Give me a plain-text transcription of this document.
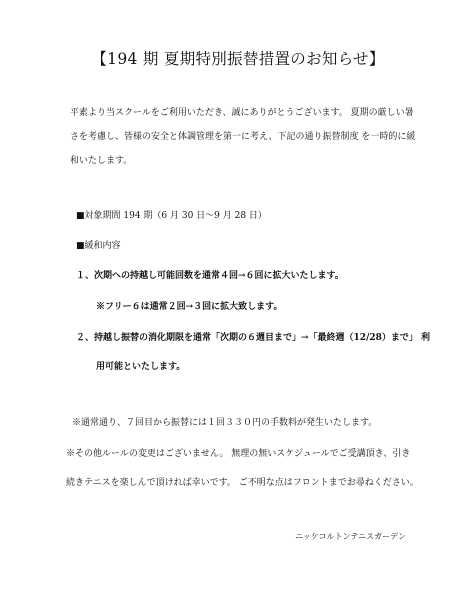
【194 期 夏期特別振替措置のお知らせ】

平素より当スクールをご利用いただき、誠にありがとうございます。 夏期の厳しい暑
さを考慮し、皆様の安全と体調管理を第一に考え、下記の通り振替制度 を一時的に緩
和いたします。

■対象期間 194 期（6 月 30 日～9 月 28 日）

■緩和内容

１、次期への持越し可能回数を通常４回→６回に拡大いたします。

※フリー６は通常２回→３回に拡大致します。

２、持越し振替の消化期限を通常「次期の６週目まで」→「最終週（12/28）まで」 利

用可能といたします。

※通常通り、７回目から振替には１回３３０円の手数料が発生いたします。

※その他ルールの変更はございません。 無理の無いスケジュールでご受講頂き、引き

続きテニスを楽しんで頂ければ幸いです。 ご不明な点はフロントまでお尋ねください。

ニッケコルトンテニスガーデン
